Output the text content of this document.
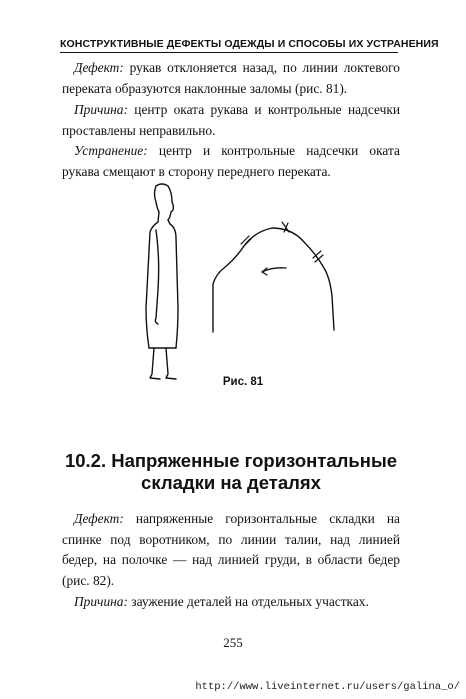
КОНСТРУКТИВНЫЕ ДЕФЕКТЫ ОДЕЖДЫ И СПОСОБЫ ИХ УСТРАНЕНИЯ

Дефект: рукав отклоняется назад, по линии локтевого переката образуются наклонные заломы (рис. 81).

Причина: центр оката рукава и контрольные надсечки проставлены неправильно.

Устранение: центр и контрольные надсечки оката рукава смещают в сторону переднего переката.

Рис. 81
10.2. Напряженные горизонтальные
складки на деталях

Дефект: напряженные горизонтальные складки на спинке под воротником, по линии талии, над линией бедер, на полочке — над линией груди, в области бедер (рис. 82).

Причина: заужение деталей на отдельных участках.

255
http://www.liveinternet.ru/users/galina_o/
